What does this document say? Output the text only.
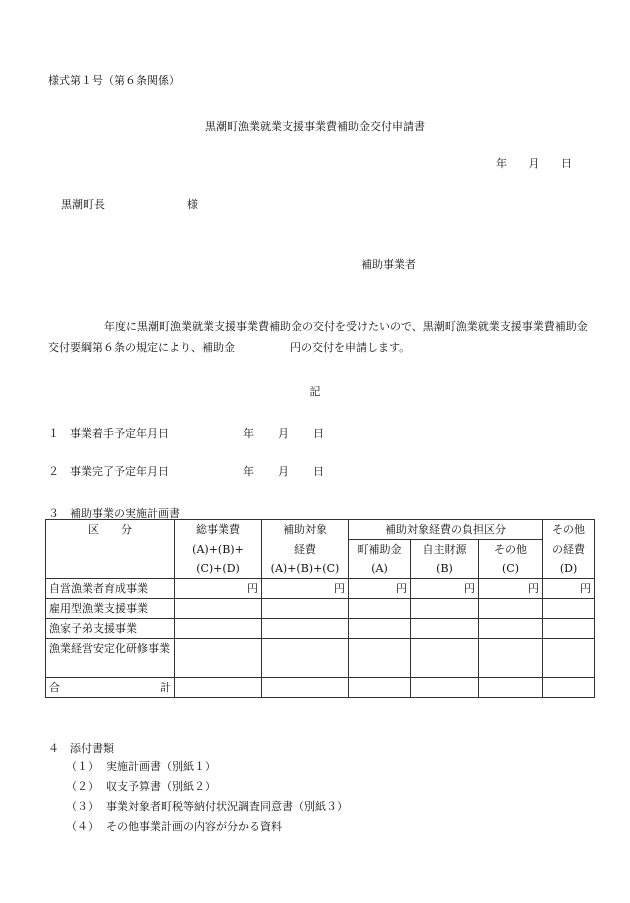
様式第１号（第６条関係）
黒潮町漁業就業支援事業費補助金交付申請書
年 月 日
黒潮町長	様
補助事業者
年度に黒潮町漁業就業支援事業費補助金の交付を受けたいので、黒潮町漁業就業支援事業費補助金交付要綱第６条の規定により、補助金　　　　　円の交付を申請します。
記
１ 事業着手予定年月日	年 月 日
２ 事業完了予定年月日	年 月 日
３　補助事業の実施計画書
区　　分	総事業費	補助対象	補助対象経費の負担区分			その他
	(A)+(B)+	経費	町補助金	自主財源	その他	の経費
	(C)+(D)	(A)+(B)+(C)	(A)	(B)	(C)	(D)
自営漁業者育成事業	円	円	円	円	円	円
雇用型漁業支援事業						
漁家子弟支援事業						
漁業経営安定化研修事業						
合　　　　計						
４　添付書類
（１） 実施計画書（別紙１）
（２） 収支予算書（別紙２）
（３） 事業対象者町税等納付状況調査同意書（別紙３）
（４） その他事業計画の内容が分かる資料
